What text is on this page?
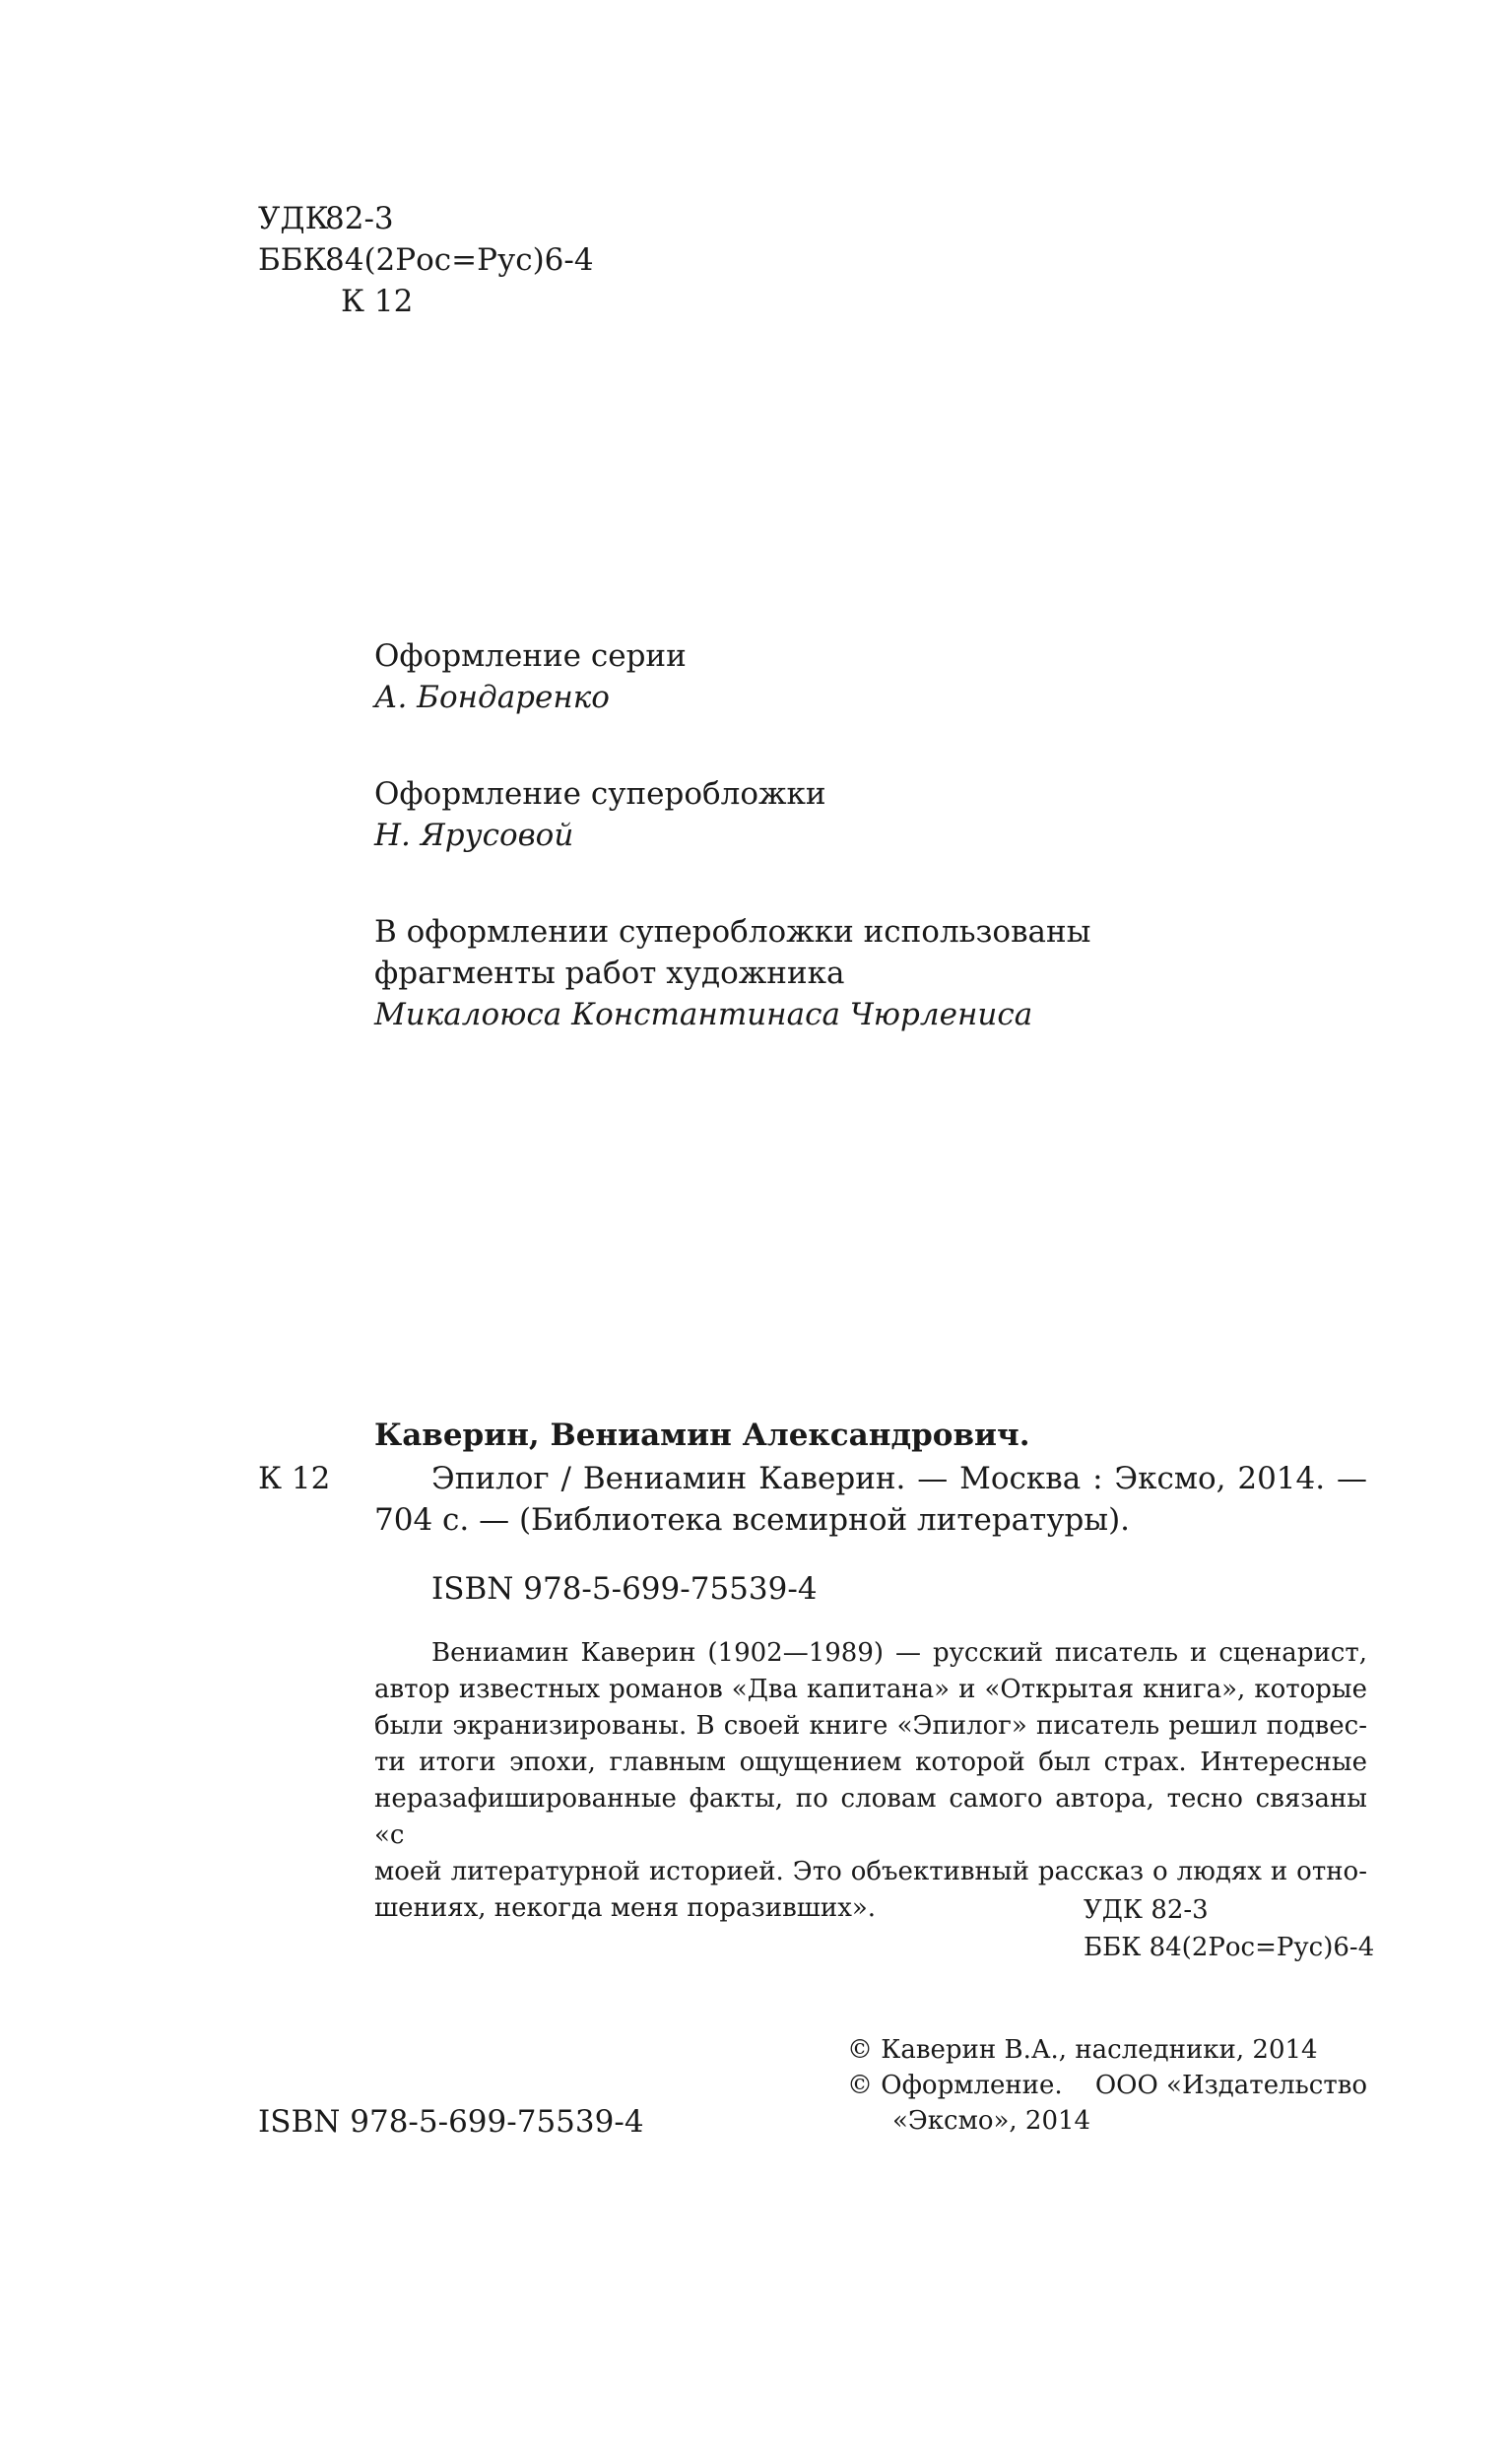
УДК
82-3
ББК
84(2Рос=Рус)6-4
К 12
Оформление серии
А. Бондаренко
Оформление суперобложки
Н. Ярусовой
В оформлении суперобложки использованы
фрагменты работ художника
Микалоюса Константинаса Чюрлениса
Каверин, Вениамин Александрович.
К 12	Эпилог / Вениамин Каверин. — Москва : Эксмо, 2014. —
704 с. — (Библиотека всемирной литературы).
ISBN 978-5-699-75539-4
Вениамин Каверин (1902—1989) — русский писатель и сценарист,
автор известных романов «Два капитана» и «Открытая книга», которые
были экранизированы. В своей книге «Эпилог» писатель решил подвес-
ти итоги эпохи, главным ощущением которой был страх. Интересные
неразафишированные факты, по словам самого автора, тесно связаны «с
моей литературной историей. Это объективный рассказ о людях и отно-
шениях, некогда меня поразивших».	УДК 82-3
ББК 84(2Рос=Рус)6-4
© Каверин В.А., наследники, 2014
© Оформление. ООО «Издательство
«Эксмо», 2014
ISBN 978-5-699-75539-4
